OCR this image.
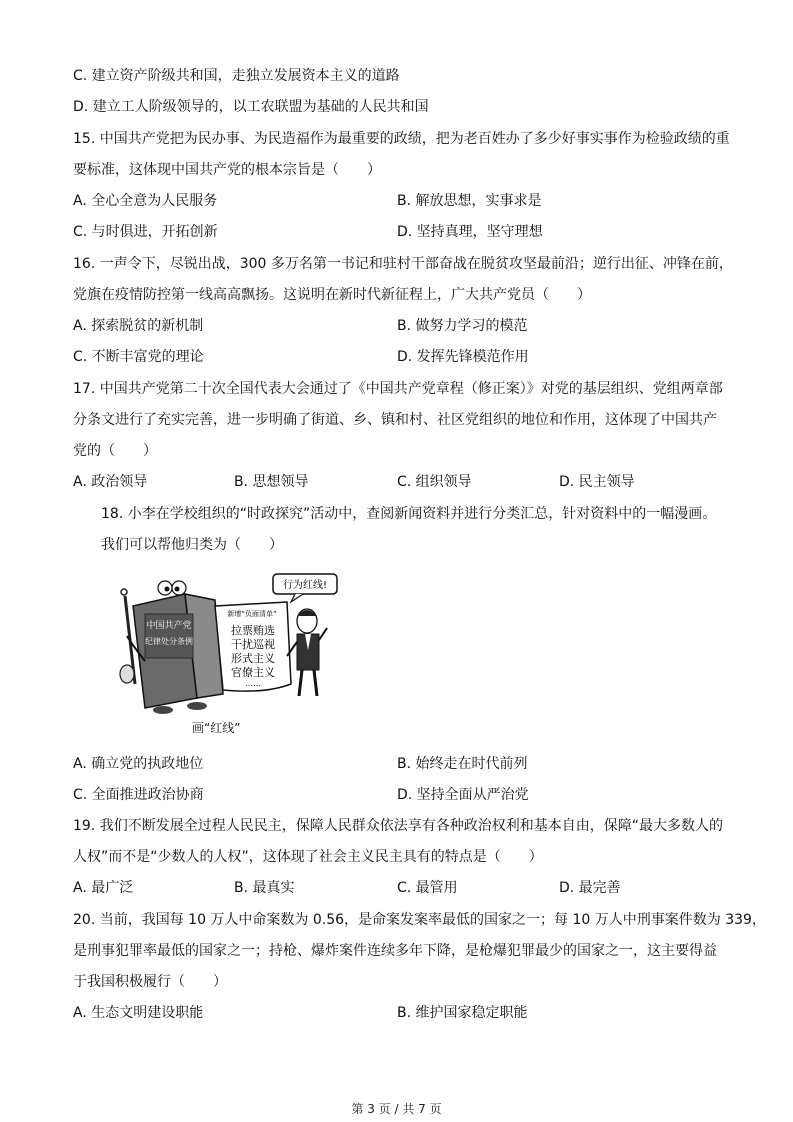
C. 建立资产阶级共和国，走独立发展资本主义的道路
D. 建立工人阶级领导的，以工农联盟为基础的人民共和国
15. 中国共产党把为民办事、为民造福作为最重要的政绩，把为老百姓办了多少好事实事作为检验政绩的重
要标准，这体现中国共产党的根本宗旨是（　　）
A. 全心全意为人民服务	B. 解放思想，实事求是
C. 与时俱进，开拓创新	D. 坚持真理，坚守理想
16. 一声令下，尽锐出战，300 多万名第一书记和驻村干部奋战在脱贫攻坚最前沿；逆行出征、冲锋在前，
党旗在疫情防控第一线高高飘扬。这说明在新时代新征程上，广大共产党员（　　）
A. 探索脱贫的新机制	B. 做努力学习的模范
C. 不断丰富党的理论	D. 发挥先锋模范作用
17. 中国共产党第二十次全国代表大会通过了《中国共产党章程（修正案）》对党的基层组织、党组两章部
分条文进行了充实完善，进一步明确了街道、乡、镇和村、社区党组织的地位和作用，这体现了中国共产
党的（　　）
A. 政治领导	B. 思想领导	C. 组织领导	D. 民主领导
18. 小李在学校组织的“时政探究”活动中，查阅新闻资料并进行分类汇总，针对资料中的一幅漫画。
我们可以帮他归类为（　　）
中国共产党
纪律处分条例
新增“负面清单”
拉票贿选
干扰巡视
形式主义
官僚主义
……
行为红线!
画“红线”
A. 确立党的执政地位	B. 始终走在时代前列
C. 全面推进政治协商	D. 坚持全面从严治党
19. 我们不断发展全过程人民民主，保障人民群众依法享有各种政治权利和基本自由，保障“最大多数人的
人权”而不是“少数人的人权”，这体现了社会主义民主具有的特点是（　　）
A. 最广泛	B. 最真实	C. 最管用	D. 最完善
20. 当前，我国每 10 万人中命案数为 0.56，是命案发案率最低的国家之一；每 10 万人中刑事案件数为 339，
是刑事犯罪率最低的国家之一；持枪、爆炸案件连续多年下降，是枪爆犯罪最少的国家之一，这主要得益
于我国积极履行（　　）
A. 生态文明建设职能	B. 维护国家稳定职能
第 3 页 / 共 7 页
